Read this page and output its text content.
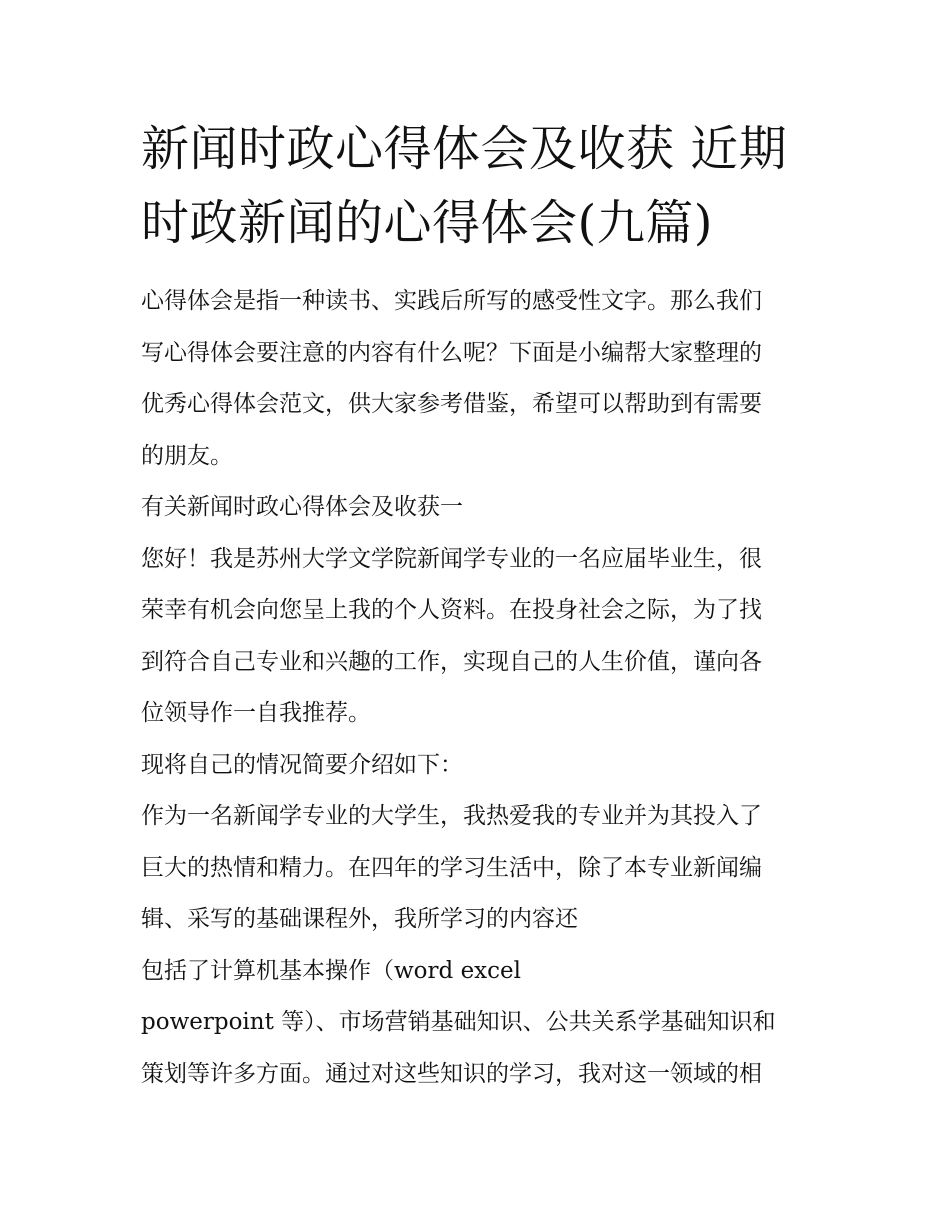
新闻时政心得体会及收获 近期
时政新闻的心得体会(九篇)
心得体会是指一种读书、实践后所写的感受性文字。那么我们
写心得体会要注意的内容有什么呢？下面是小编帮大家整理的
优秀心得体会范文，供大家参考借鉴，希望可以帮助到有需要
的朋友。
有关新闻时政心得体会及收获一
您好！我是苏州大学文学院新闻学专业的一名应届毕业生，很
荣幸有机会向您呈上我的个人资料。在投身社会之际，为了找
到符合自己专业和兴趣的工作，实现自己的人生价值，谨向各
位领导作一自我推荐。
现将自己的情况简要介绍如下：
作为一名新闻学专业的大学生，我热爱我的专业并为其投入了
巨大的热情和精力。在四年的学习生活中，除了本专业新闻编
辑、采写的基础课程外，我所学习的内容还
包括了计算机基本操作（word excel
powerpoint 等）、市场营销基础知识、公共关系学基础知识和
策划等许多方面。通过对这些知识的学习，我对这一领域的相
